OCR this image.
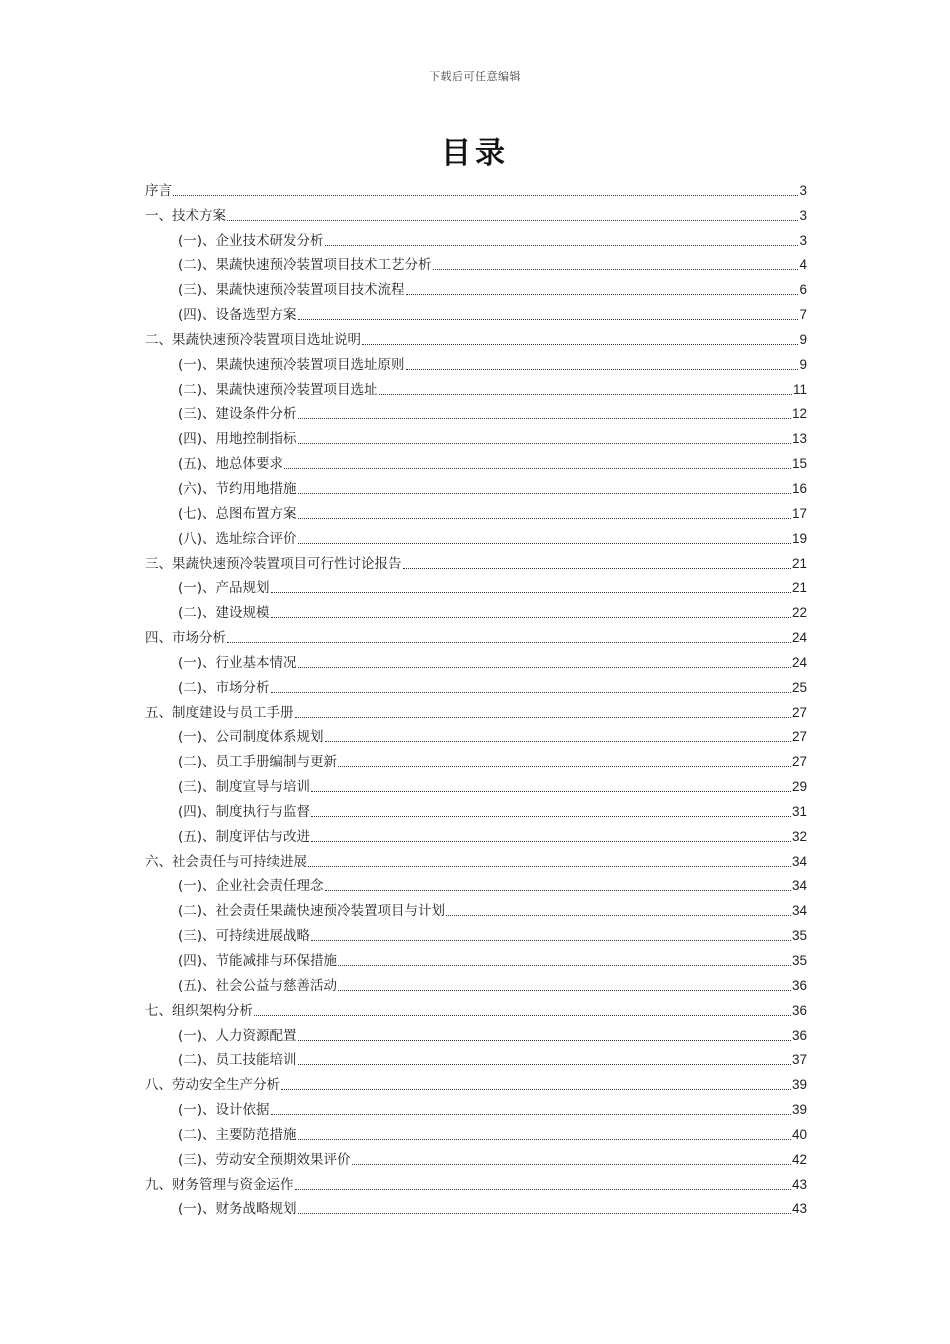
下载后可任意编辑
目录
序言	3
一、技术方案	3
(一)、企业技术研发分析	3
(二)、果蔬快速预冷装置项目技术工艺分析	4
(三)、果蔬快速预冷装置项目技术流程	6
(四)、设备选型方案	7
二、果蔬快速预冷装置项目选址说明	9
(一)、果蔬快速预冷装置项目选址原则	9
(二)、果蔬快速预冷装置项目选址	11
(三)、建设条件分析	12
(四)、用地控制指标	13
(五)、地总体要求	15
(六)、节约用地措施	16
(七)、总图布置方案	17
(八)、选址综合评价	19
三、果蔬快速预冷装置项目可行性讨论报告	21
(一)、产品规划	21
(二)、建设规模	22
四、市场分析	24
(一)、行业基本情况	24
(二)、市场分析	25
五、制度建设与员工手册	27
(一)、公司制度体系规划	27
(二)、员工手册编制与更新	27
(三)、制度宣导与培训	29
(四)、制度执行与监督	31
(五)、制度评估与改进	32
六、社会责任与可持续进展	34
(一)、企业社会责任理念	34
(二)、社会责任果蔬快速预冷装置项目与计划	34
(三)、可持续进展战略	35
(四)、节能减排与环保措施	35
(五)、社会公益与慈善活动	36
七、组织架构分析	36
(一)、人力资源配置	36
(二)、员工技能培训	37
八、劳动安全生产分析	39
(一)、设计依据	39
(二)、主要防范措施	40
(三)、劳动安全预期效果评价	42
九、财务管理与资金运作	43
(一)、财务战略规划	43
